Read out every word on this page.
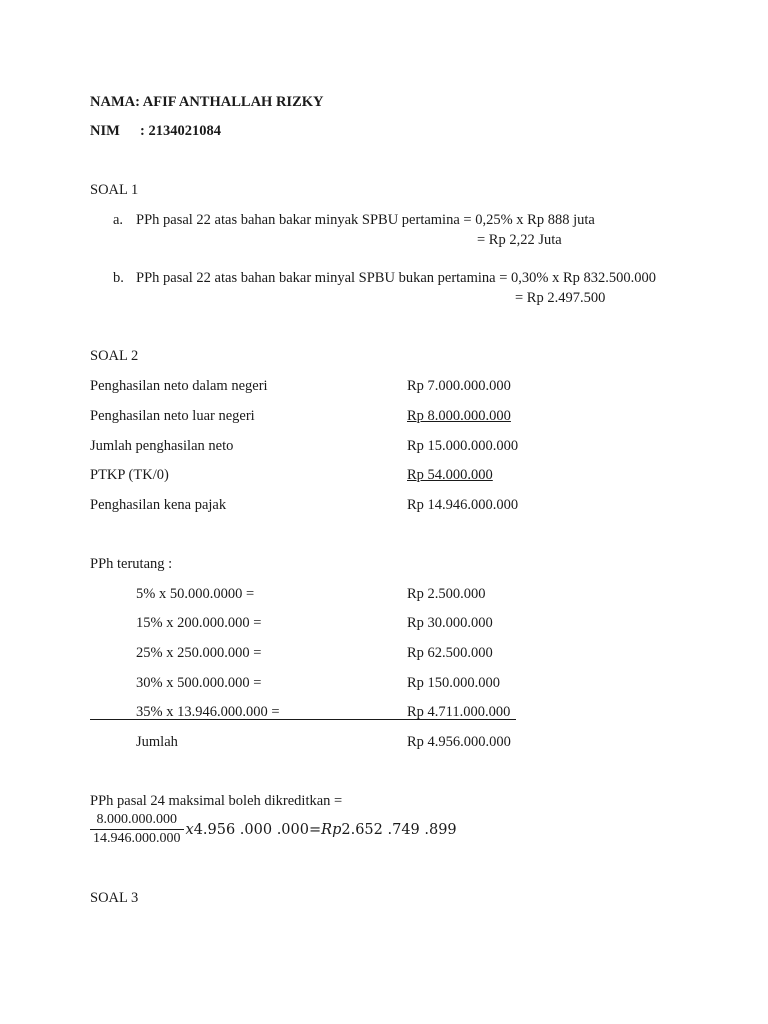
NAMA: AFIF ANTHALLAH RIZKY
NIM : 2134021084
SOAL 1
a. PPh pasal 22 atas bahan bakar minyak SPBU pertamina = 0,25% x Rp 888 juta
= Rp 2,22 Juta
b. PPh pasal 22 atas bahan bakar minyal SPBU bukan pertamina = 0,30% x Rp 832.500.000
= Rp 2.497.500
SOAL 2
Penghasilan neto dalam negeri	Rp 7.000.000.000
Penghasilan neto luar negeri	Rp 8.000.000.000
Jumlah penghasilan neto	Rp 15.000.000.000
PTKP (TK/0)	Rp 54.000.000
Penghasilan kena pajak	Rp 14.946.000.000
PPh terutang :
5% x 50.000.0000 =	Rp 2.500.000
15% x 200.000.000 =	Rp 30.000.000
25% x 250.000.000 =	Rp 62.500.000
30% x 500.000.000 =	Rp 150.000.000
35% x 13.946.000.000 =	Rp 4.711.000.000
Jumlah	Rp 4.956.000.000
PPh pasal 24 maksimal boleh dikreditkan =
$\frac{8.000.000.000}{14.946.000.000}$ x 4.956 .000 .000 = Rp 2.652 .749 .899
SOAL 3
